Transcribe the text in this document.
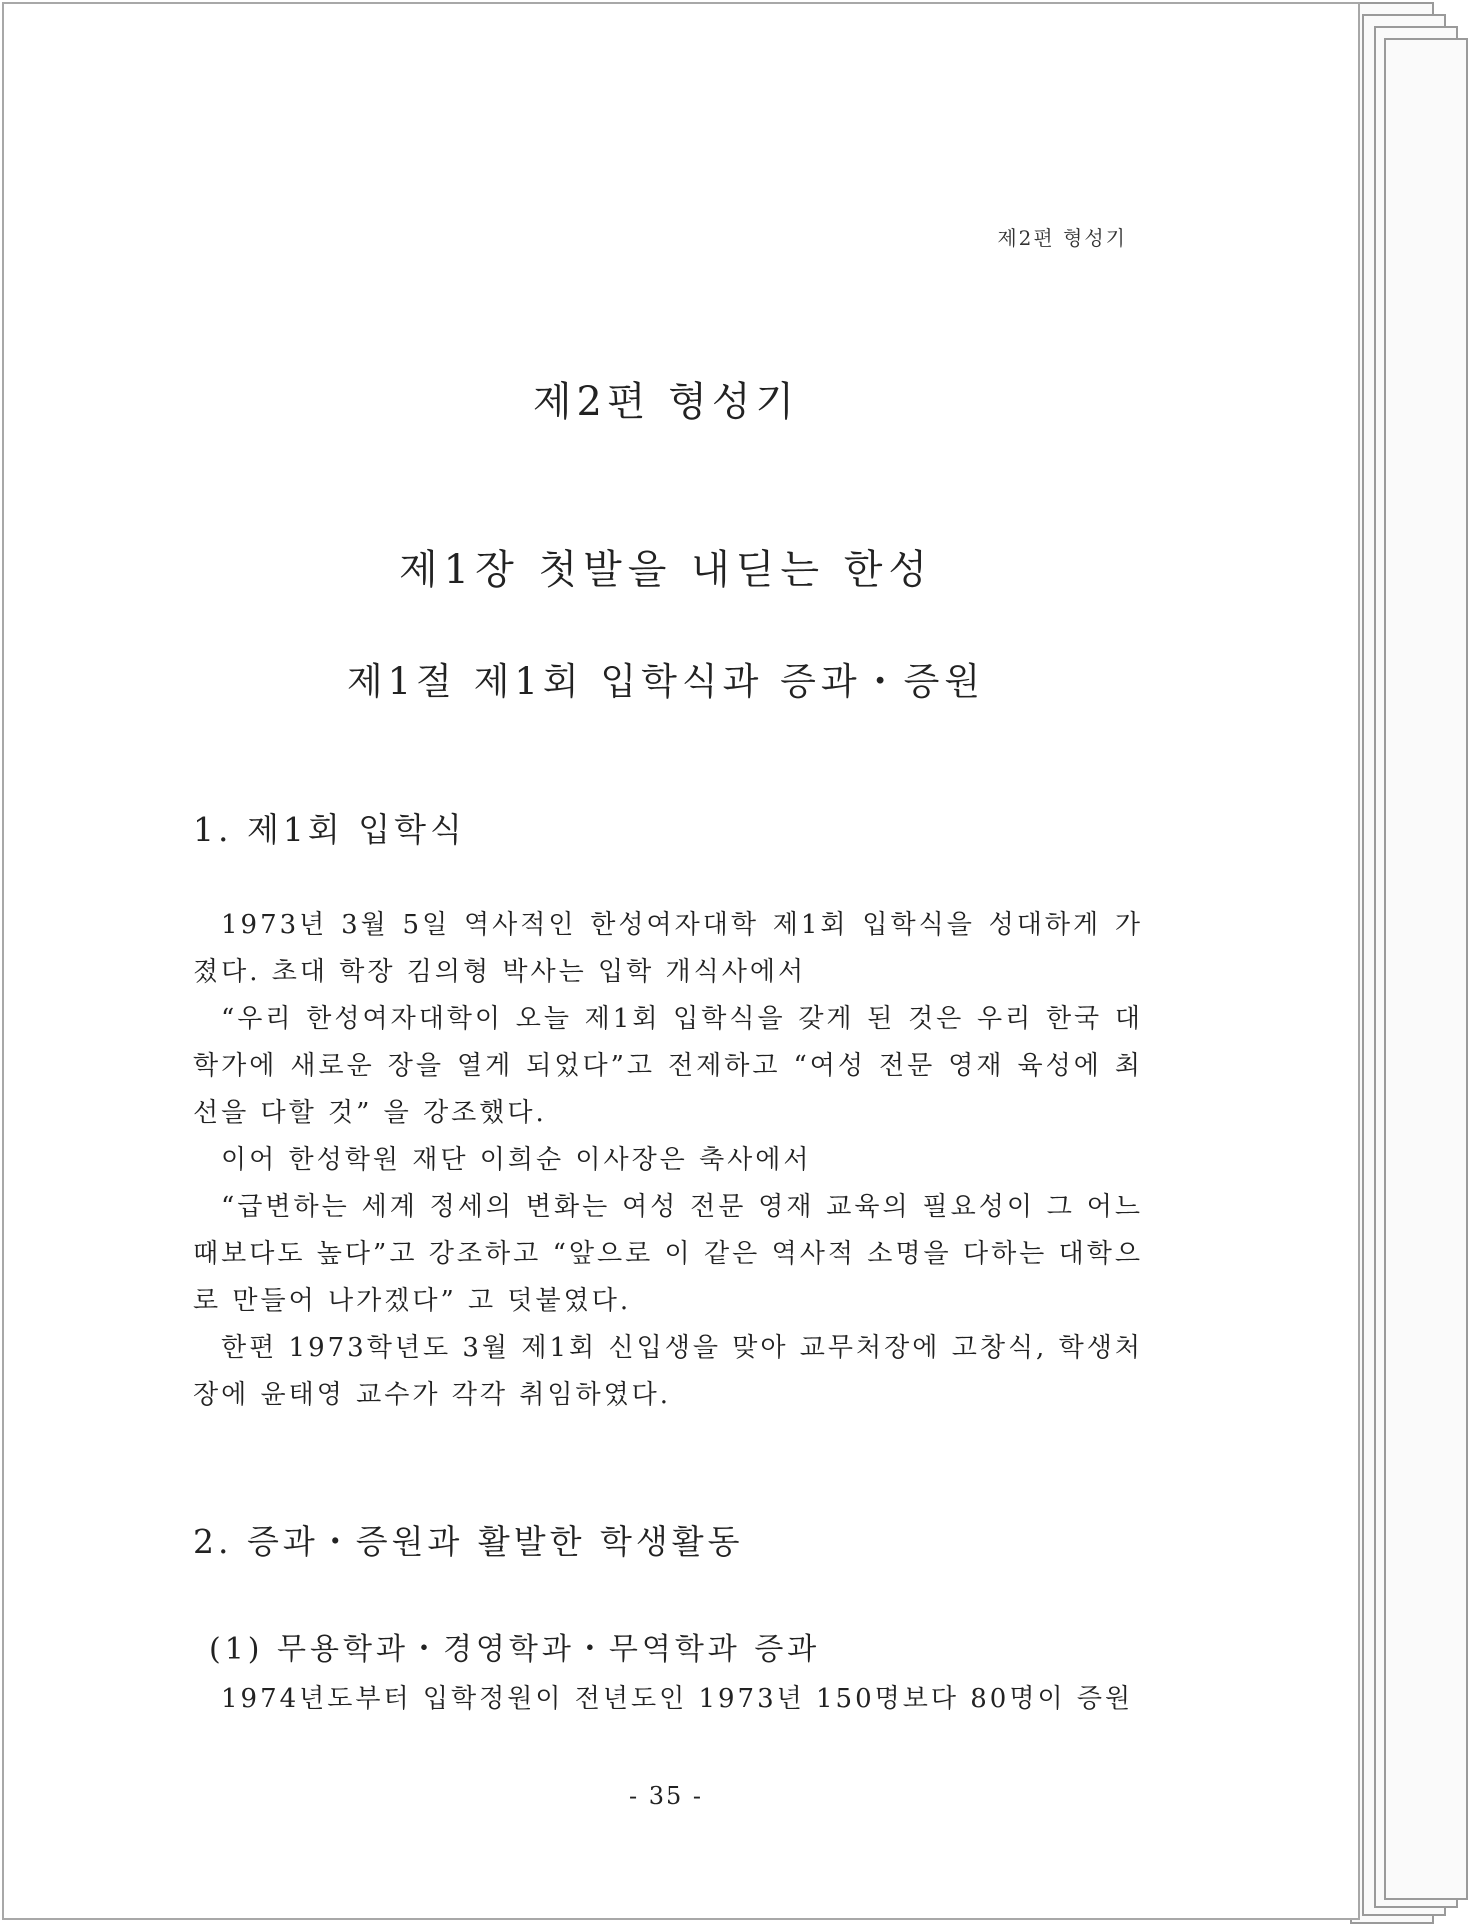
제2편 형성기
제2편 형성기
제1장 첫발을 내딛는 한성
제1절 제1회 입학식과 증과・증원
1. 제1회 입학식

1973년 3월 5일 역사적인 한성여자대학 제1회 입학식을 성대하게 가졌다. 초대 학장 김의형 박사는 입학 개식사에서

“우리 한성여자대학이 오늘 제1회 입학식을 갖게 된 것은 우리 한국 대학가에 새로운 장을 열게 되었다”고 전제하고 “여성 전문 영재 육성에 최선을 다할 것” 을 강조했다.

이어 한성학원 재단 이희순 이사장은 축사에서

“급변하는 세계 정세의 변화는 여성 전문 영재 교육의 필요성이 그 어느 때보다도 높다”고 강조하고 “앞으로 이 같은 역사적 소명을 다하는 대학으로 만들어 나가겠다” 고 덧붙였다.

한편 1973학년도 3월 제1회 신입생을 맞아 교무처장에 고창식, 학생처장에 윤태영 교수가 각각 취임하였다.

2. 증과・증원과 활발한 학생활동
(1) 무용학과・경영학과・무역학과 증과

1974년도부터 입학정원이 전년도인 1973년 150명보다 80명이 증원

- 35 -
